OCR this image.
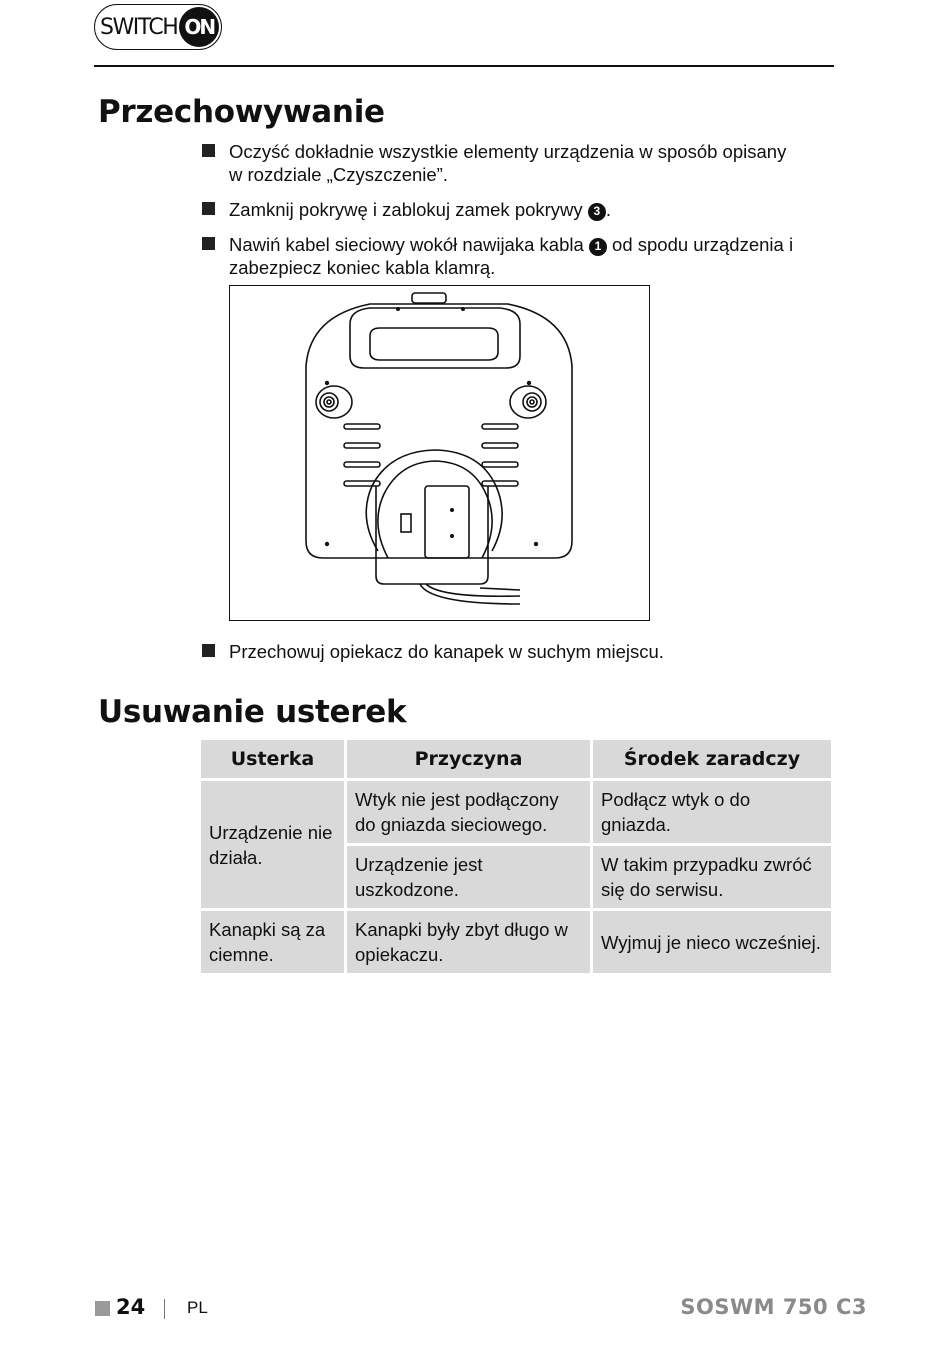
SWITCH ON
Przechowywanie
Oczyść dokładnie wszystkie elementy urządzenia w sposób opisany w rozdziale „Czyszczenie”.
Zamknij pokrywę i zablokuj zamek pokrywy 3 .
Nawiń kabel sieciowy wokół nawijaka kabla 1 od spodu urządzenia i zabezpiecz koniec kabla klamrą.
Przechowuj opiekacz do kanapek w suchym miejscu.
Usuwanie usterek
Usterka	Przyczyna	Środek zaradczy
Urządzenie nie działa.	Wtyk nie jest podłączony do gniazda sieciowego.	Podłącz wtyk o do gniazda.
	Urządzenie jest uszkodzone.	W takim przypadku zwróć się do serwisu.
Kanapki są za ciemne.	Kanapki były zbyt długo w opiekaczu.	Wyjmuj je nieco wcześniej.
24 PL	SOSWM 750 C3
